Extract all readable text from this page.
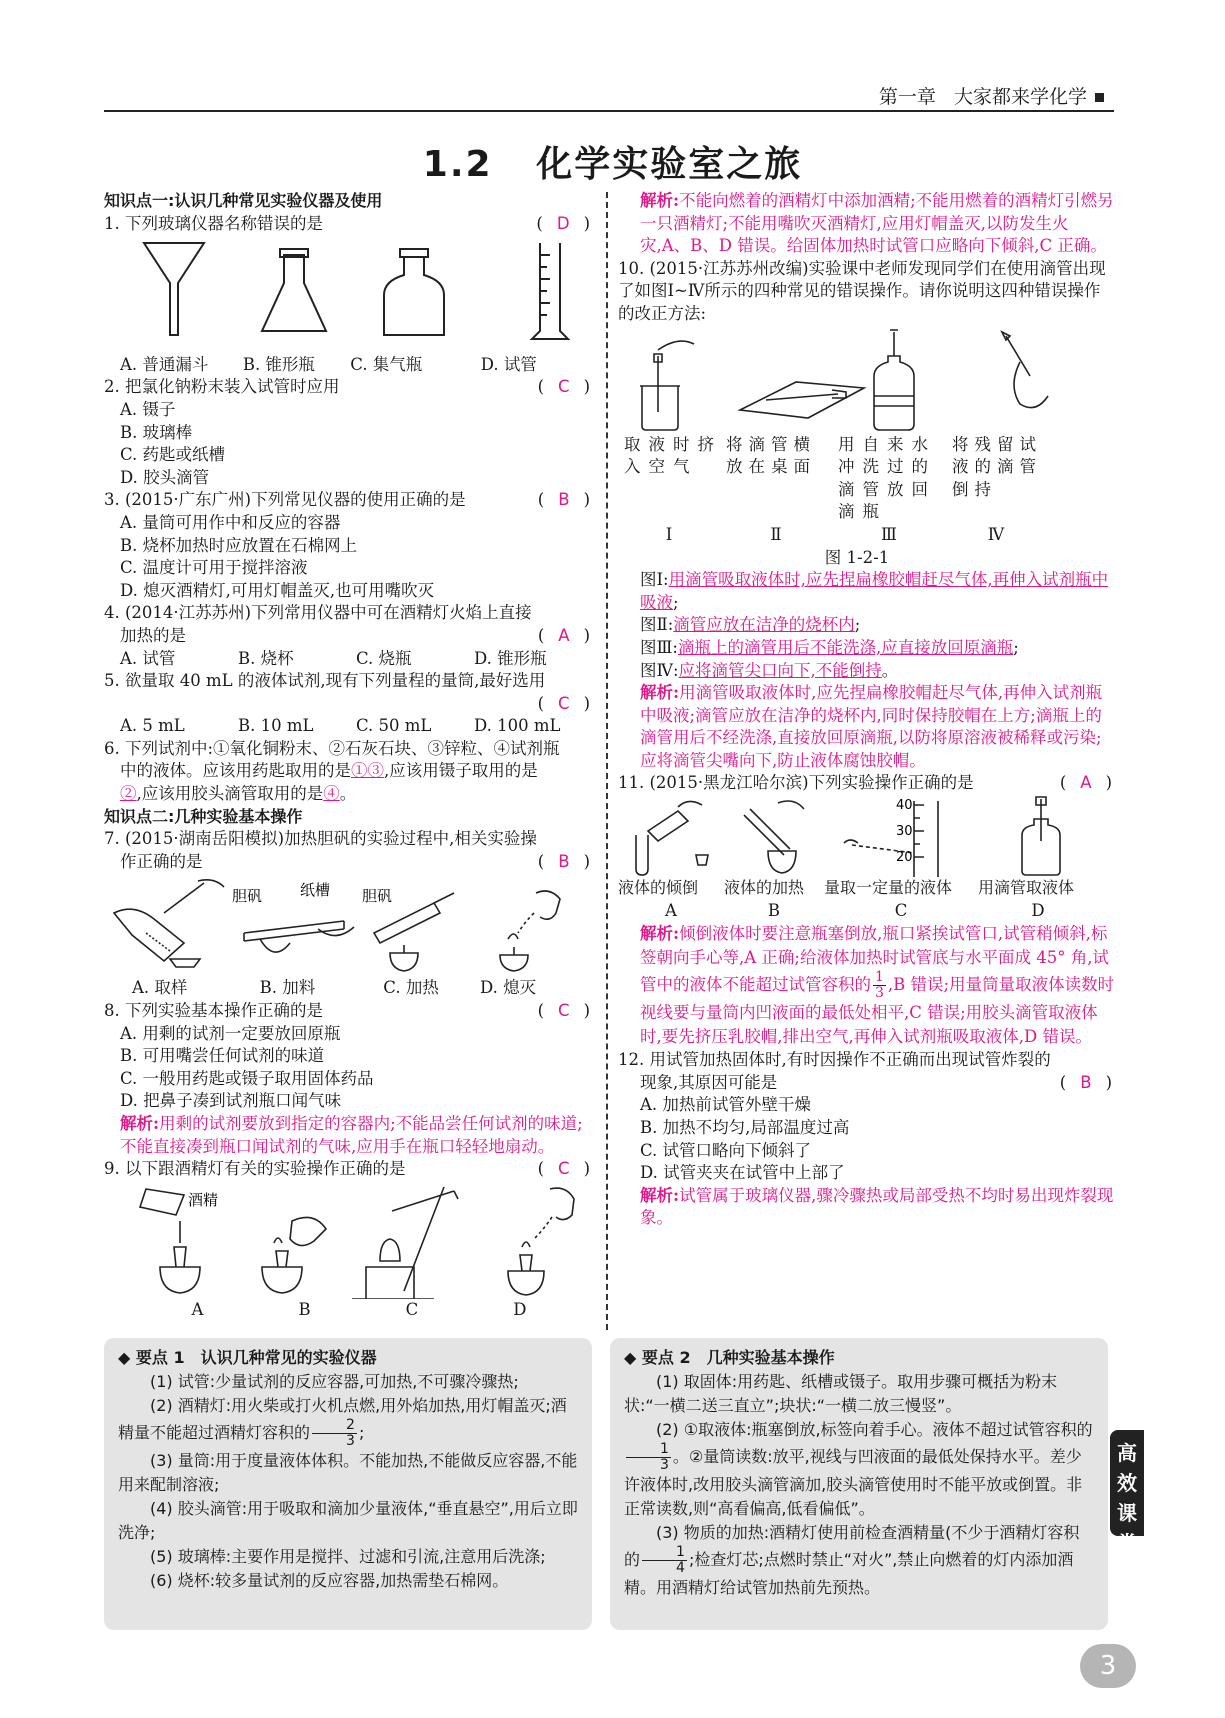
第一章 大家都来学化学
1.2 化学实验室之旅
知识点一:认识几种常见实验仪器及使用
1. 下列玻璃仪器名称错误的是	( D )
A. 普通漏斗	B. 锥形瓶	C. 集气瓶	D. 试管
2. 把氯化钠粉末装入试管时应用	( C )
A. 镊子
B. 玻璃棒
C. 药匙或纸槽
D. 胶头滴管
3. (2015·广东广州)下列常见仪器的使用正确的是	( B )
A. 量筒可用作中和反应的容器
B. 烧杯加热时应放置在石棉网上
C. 温度计可用于搅拌溶液
D. 熄灭酒精灯,可用灯帽盖灭,也可用嘴吹灭
4. (2014·江苏苏州)下列常用仪器中可在酒精灯火焰上直接
加热的是	( A )
A. 试管	B. 烧杯	C. 烧瓶	D. 锥形瓶
5. 欲量取 40 mL 的液体试剂,现有下列量程的量筒,最好选用
( C )
A. 5 mL	B. 10 mL	C. 50 mL	D. 100 mL
6. 下列试剂中:①氧化铜粉末、②石灰石块、③锌粒、④试剂瓶
中的液体。应该用药匙取用的是①③,应该用镊子取用的是
②,应该用胶头滴管取用的是④。
知识点二:几种实验基本操作
7. (2015·湖南岳阳模拟)加热胆矾的实验过程中,相关实验操
作正确的是	( B )
胆矾	纸槽 胆矾
A. 取样	B. 加料	C. 加热	D. 熄灭
8. 下列实验基本操作正确的是	( C )
A. 用剩的试剂一定要放回原瓶
B. 可用嘴尝任何试剂的味道
C. 一般用药匙或镊子取用固体药品
D. 把鼻子凑到试剂瓶口闻气味
解析:用剩的试剂要放到指定的容器内;不能品尝任何试剂的味道;不能直接凑到瓶口闻试剂的气味,应用手在瓶口轻轻地扇动。
9. 以下跟酒精灯有关的实验操作正确的是	( C )
酒精
A	B	C	D
解析:不能向燃着的酒精灯中添加酒精;不能用燃着的酒精灯引燃另一只酒精灯;不能用嘴吹灭酒精灯,应用灯帽盖灭,以防发生火灾,A、B、D 错误。给固体加热时试管口应略向下倾斜,C 正确。
10. (2015·江苏苏州改编)实验课中老师发现同学们在使用滴管出现了如图Ⅰ~Ⅳ所示的四种常见的错误操作。请你说明这四种错误操作的改正方法:
取液时挤入空气
将滴管横放在桌面
用自来水冲洗过的滴管放回滴瓶
将残留试液的滴管倒持
Ⅰ	Ⅱ	Ⅲ	Ⅳ
图 1-2-1
图Ⅰ:用滴管吸取液体时,应先捏扁橡胶帽赶尽气体,再伸入试剂瓶中吸液;
图Ⅱ:滴管应放在洁净的烧杯内;
图Ⅲ:滴瓶上的滴管用后不能洗涤,应直接放回原滴瓶;
图Ⅳ:应将滴管尖口向下,不能倒持。
解析:用滴管吸取液体时,应先捏扁橡胶帽赶尽气体,再伸入试剂瓶中吸液;滴管应放在洁净的烧杯内,同时保持胶帽在上方;滴瓶上的滴管用后不经洗涤,直接放回原滴瓶,以防将原溶液被稀释或污染;应将滴管尖嘴向下,防止液体腐蚀胶帽。
11. (2015·黑龙江哈尔滨)下列实验操作正确的是	( A )
40
30
20
液体的倾倒	液体的加热	量取一定量的液体	用滴管取液体
A	B	C	D
解析:倾倒液体时要注意瓶塞倒放,瓶口紧挨试管口,试管稍倾斜,标签朝向手心等,A 正确;给液体加热时试管底与水平面成 45° 角,试管中的液体不能超过试管容积的 $\frac{1}{3} ,B$ 错误;用量筒量取液体读数时视线要与量筒内凹液面的最低处相平,C 错误;用胶头滴管取液体时,要先挤压乳胶帽,排出空气,再伸入试剂瓶吸取液体,D 错误。
12. 用试管加热固体时,有时因操作不正确而出现试管炸裂的
现象,其原因可能是	( B )
A. 加热前试管外壁干燥
B. 加热不均匀,局部温度过高
C. 试管口略向下倾斜了
D. 试管夹夹在试管中上部了
解析:试管属于玻璃仪器,骤冷骤热或局部受热不均时易出现炸裂现象。
◆ 要点 1　认识几种常见的实验仪器

(1) 试管:少量试剂的反应容器,可加热,不可骤冷骤热;

(2) 酒精灯:用火柴或打火机点燃,用外焰加热,用灯帽盖灭;酒精量不能超过酒精灯容积的 $\frac{2}{3}$ ;

(3) 量筒:用于度量液体体积。不能加热,不能做反应容器,不能用来配制溶液;

(4) 胶头滴管:用于吸取和滴加少量液体,“垂直悬空”,用后立即洗净;

(5) 玻璃棒:主要作用是搅拌、过滤和引流,注意用后洗涤;

(6) 烧杯:较多量试剂的反应容器,加热需垫石棉网。

◆ 要点 2　几种实验基本操作

(1) 取固体:用药匙、纸槽或镊子。取用步骤可概括为粉末状:“一横二送三直立”;块状:“一横二放三慢竖”。

(2) ①取液体:瓶塞倒放,标签向着手心。液体不超过试管容积的
$\frac{1}{3}$ 。②量筒读数:放平,视线与凹液面的最低处保持水平。差少许液体时,改用胶头滴管滴加,胶头滴管使用时不能平放或倒置。非正常读数,则“高看偏高,低看偏低”。

(3) 物质的加热:酒精灯使用前检查酒精量(不少于酒精灯容积的 $\frac{1}{4}$ ;检查灯芯;点燃时禁止“对火”,禁止向燃着的灯内添加酒精。用酒精灯给试管加热前先预热。

高效课堂
3
